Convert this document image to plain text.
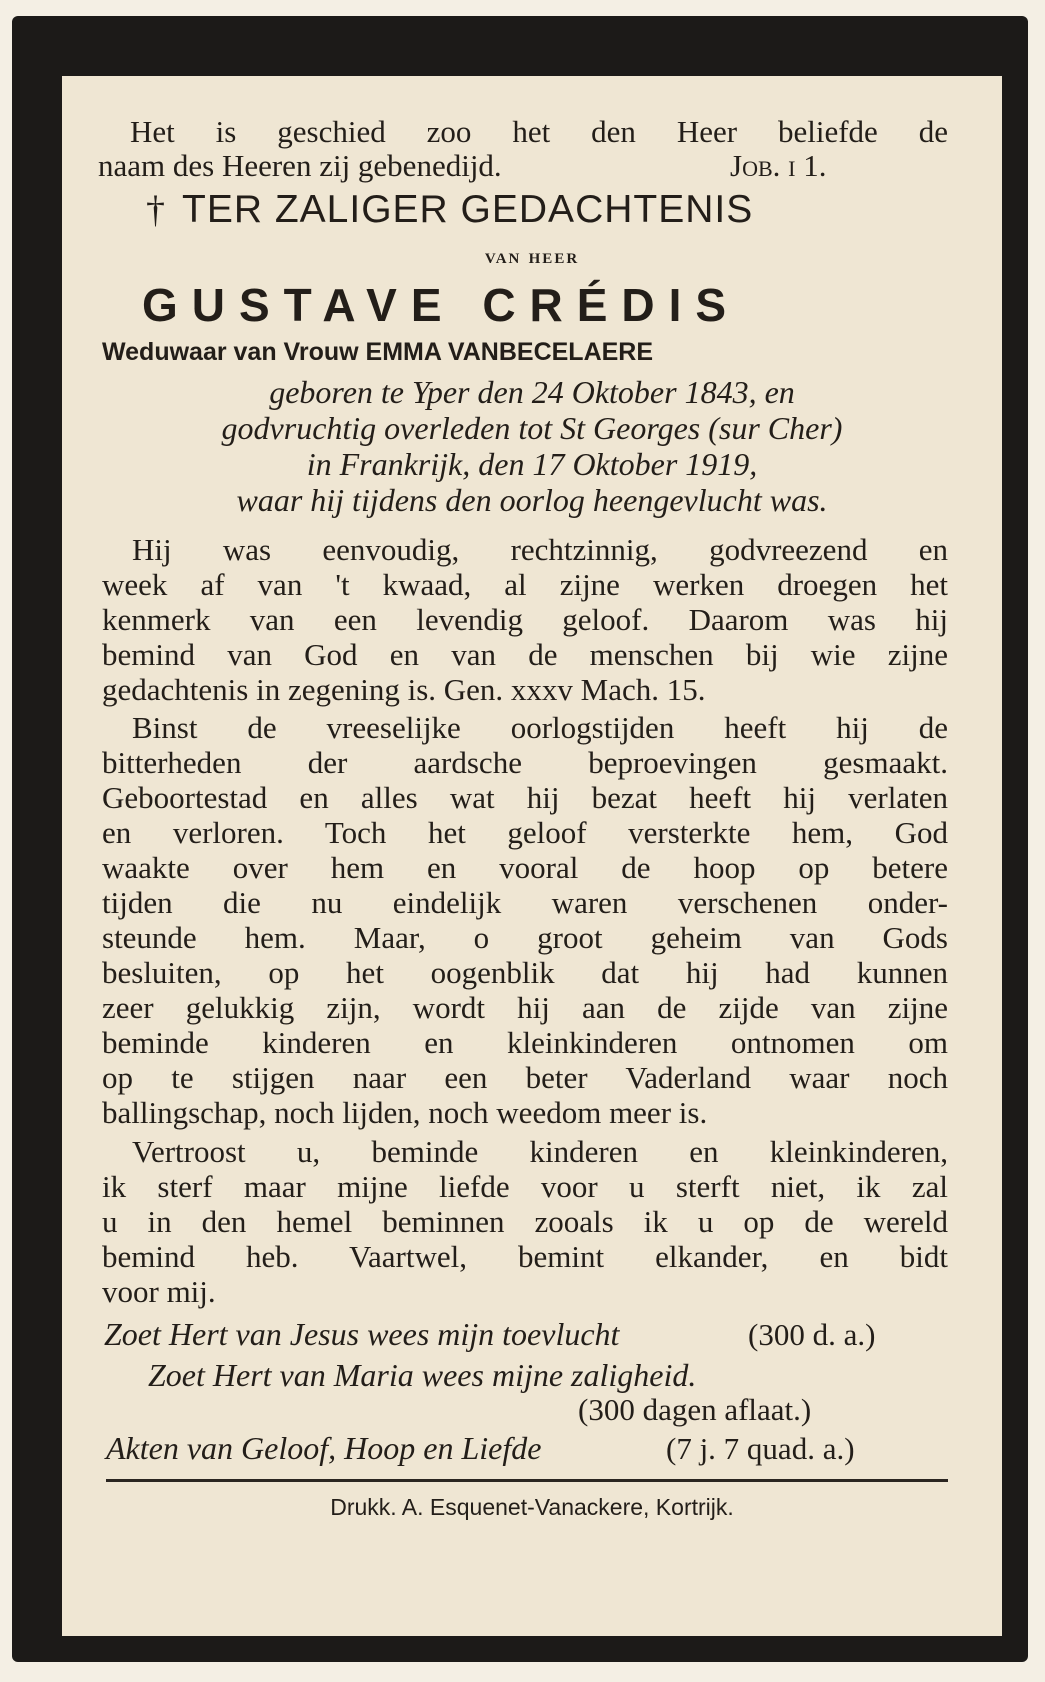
Het is geschied zoo het den Heer beliefde de

naam des Heeren zij gebenedijd.	Job. i 1.

† TER ZALIGER GEDACHTENIS

van heer

GUSTAVE CRÉDIS

Weduwaar van Vrouw EMMA VANBECELAERE

geboren te Yper den 24 Oktober 1843, en

godvruchtig overleden tot St Georges (sur Cher)

in Frankrijk, den 17 Oktober 1919,

waar hij tijdens den oorlog heengevlucht was.

Hij was eenvoudig, rechtzinnig, godvreezend en

week af van 't kwaad, al zijne werken droegen het

kenmerk van een levendig geloof. Daarom was hij

bemind van God en van de menschen bij wie zijne

gedachtenis in zegening is. Gen. xxxv Mach. 15.

Binst de vreeselijke oorlogstijden heeft hij de

bitterheden der aardsche beproevingen gesmaakt.

Geboortestad en alles wat hij bezat heeft hij verlaten

en verloren. Toch het geloof versterkte hem, God

waakte over hem en vooral de hoop op betere

tijden die nu eindelijk waren verschenen onder-

steunde hem. Maar, o groot geheim van Gods

besluiten, op het oogenblik dat hij had kunnen

zeer gelukkig zijn, wordt hij aan de zijde van zijne

beminde kinderen en kleinkinderen ontnomen om

op te stijgen naar een beter Vaderland waar noch

ballingschap, noch lijden, noch weedom meer is.

Vertroost u, beminde kinderen en kleinkinderen,

ik sterf maar mijne liefde voor u sterft niet, ik zal

u in den hemel beminnen zooals ik u op de wereld

bemind heb. Vaartwel, bemint elkander, en bidt

voor mij.

Zoet Hert van Jesus wees mijn toevlucht	(300 d. a.)

Zoet Hert van Maria wees mijne zaligheid.

(300 dagen aflaat.)

Akten van Geloof, Hoop en Liefde	(7 j. 7 quad. a.)

Drukk. A. Esquenet-Vanackere, Kortrijk.
